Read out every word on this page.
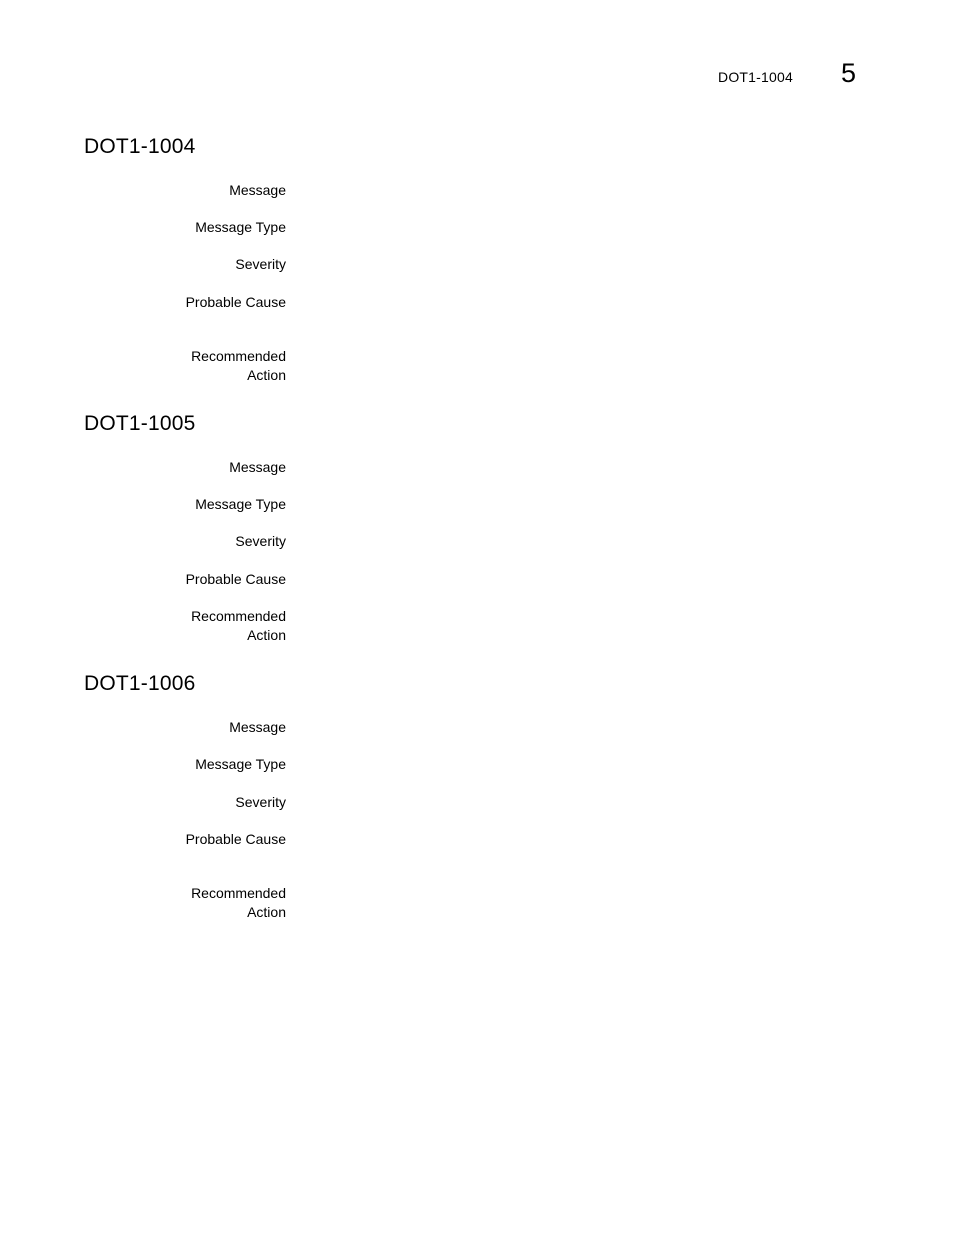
DOT1-1004 5
DOT1-1004
Message
Message Type
Severity
Probable Cause
Recommended
Action
DOT1-1005
Message
Message Type
Severity
Probable Cause
Recommended
Action
DOT1-1006
Message
Message Type
Severity
Probable Cause
Recommended
Action
